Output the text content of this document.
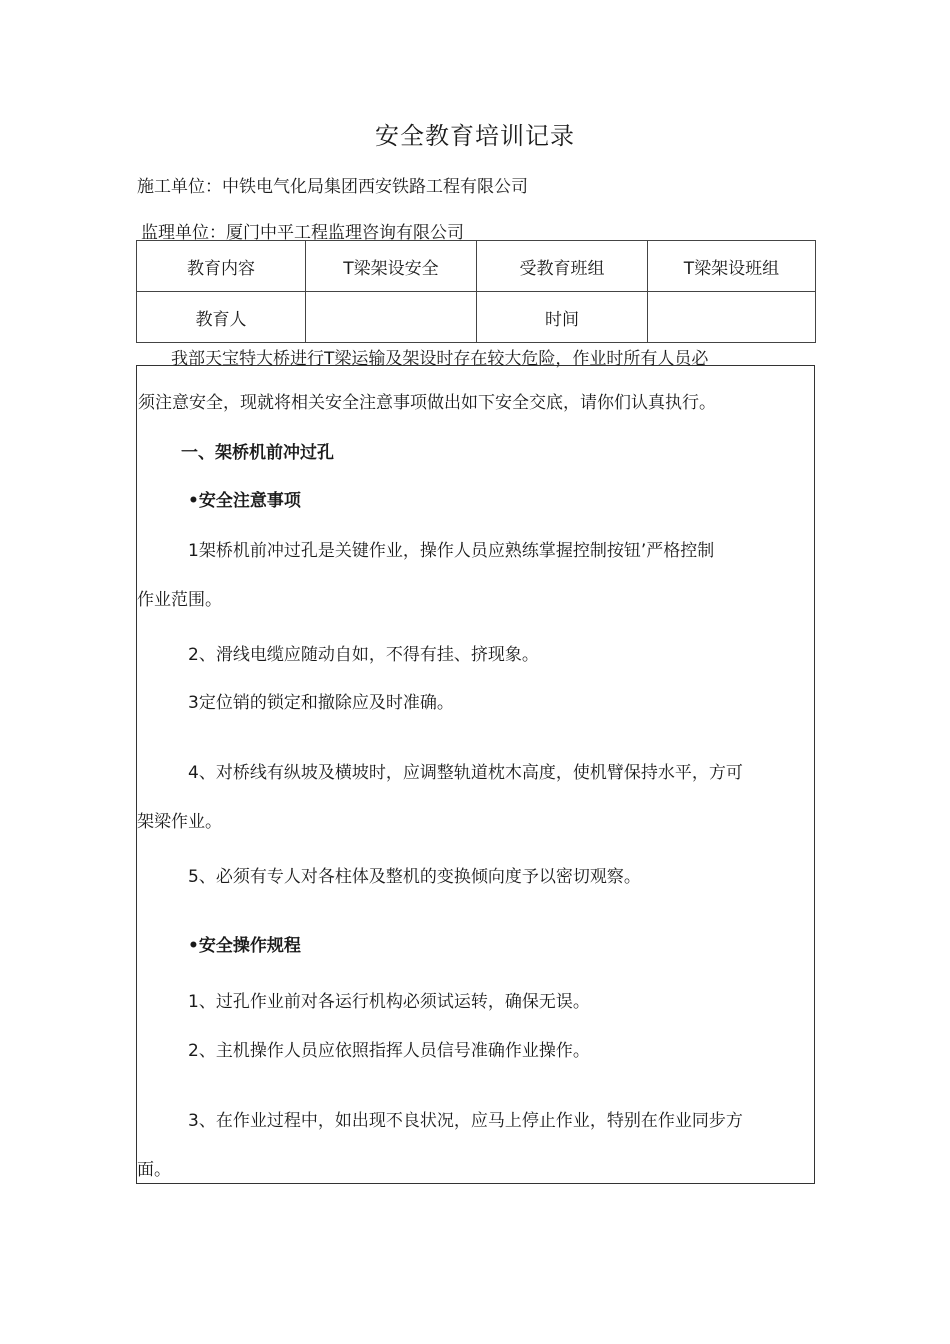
安全教育培训记录
施工单位：中铁电气化局集团西安铁路工程有限公司
监理单位：厦门中平工程监理咨询有限公司
教育内容	T梁架设安全	受教育班组	T梁架设班组
教育人		时间	
我部天宝特大桥进行T梁运输及架设时存在较大危险，作业时所有人员必
须注意安全，现就将相关安全注意事项做出如下安全交底，请你们认真执行。
一、架桥机前冲过孔
•安全注意事项
1架桥机前冲过孔是关键作业，操作人员应熟练掌握控制按钮’严格控制
作业范围。
2、滑线电缆应随动自如，不得有挂、挤现象。
3定位销的锁定和撤除应及时准确。
4、对桥线有纵坡及横坡时，应调整轨道枕木高度，使机臂保持水平，方可
架梁作业。
5、必须有专人对各柱体及整机的变换倾向度予以密切观察。
•安全操作规程
1、过孔作业前对各运行机构必须试运转，确保无误。
2、主机操作人员应依照指挥人员信号准确作业操作。
3、在作业过程中，如出现不良状况，应马上停止作业，特别在作业同步方
面。
